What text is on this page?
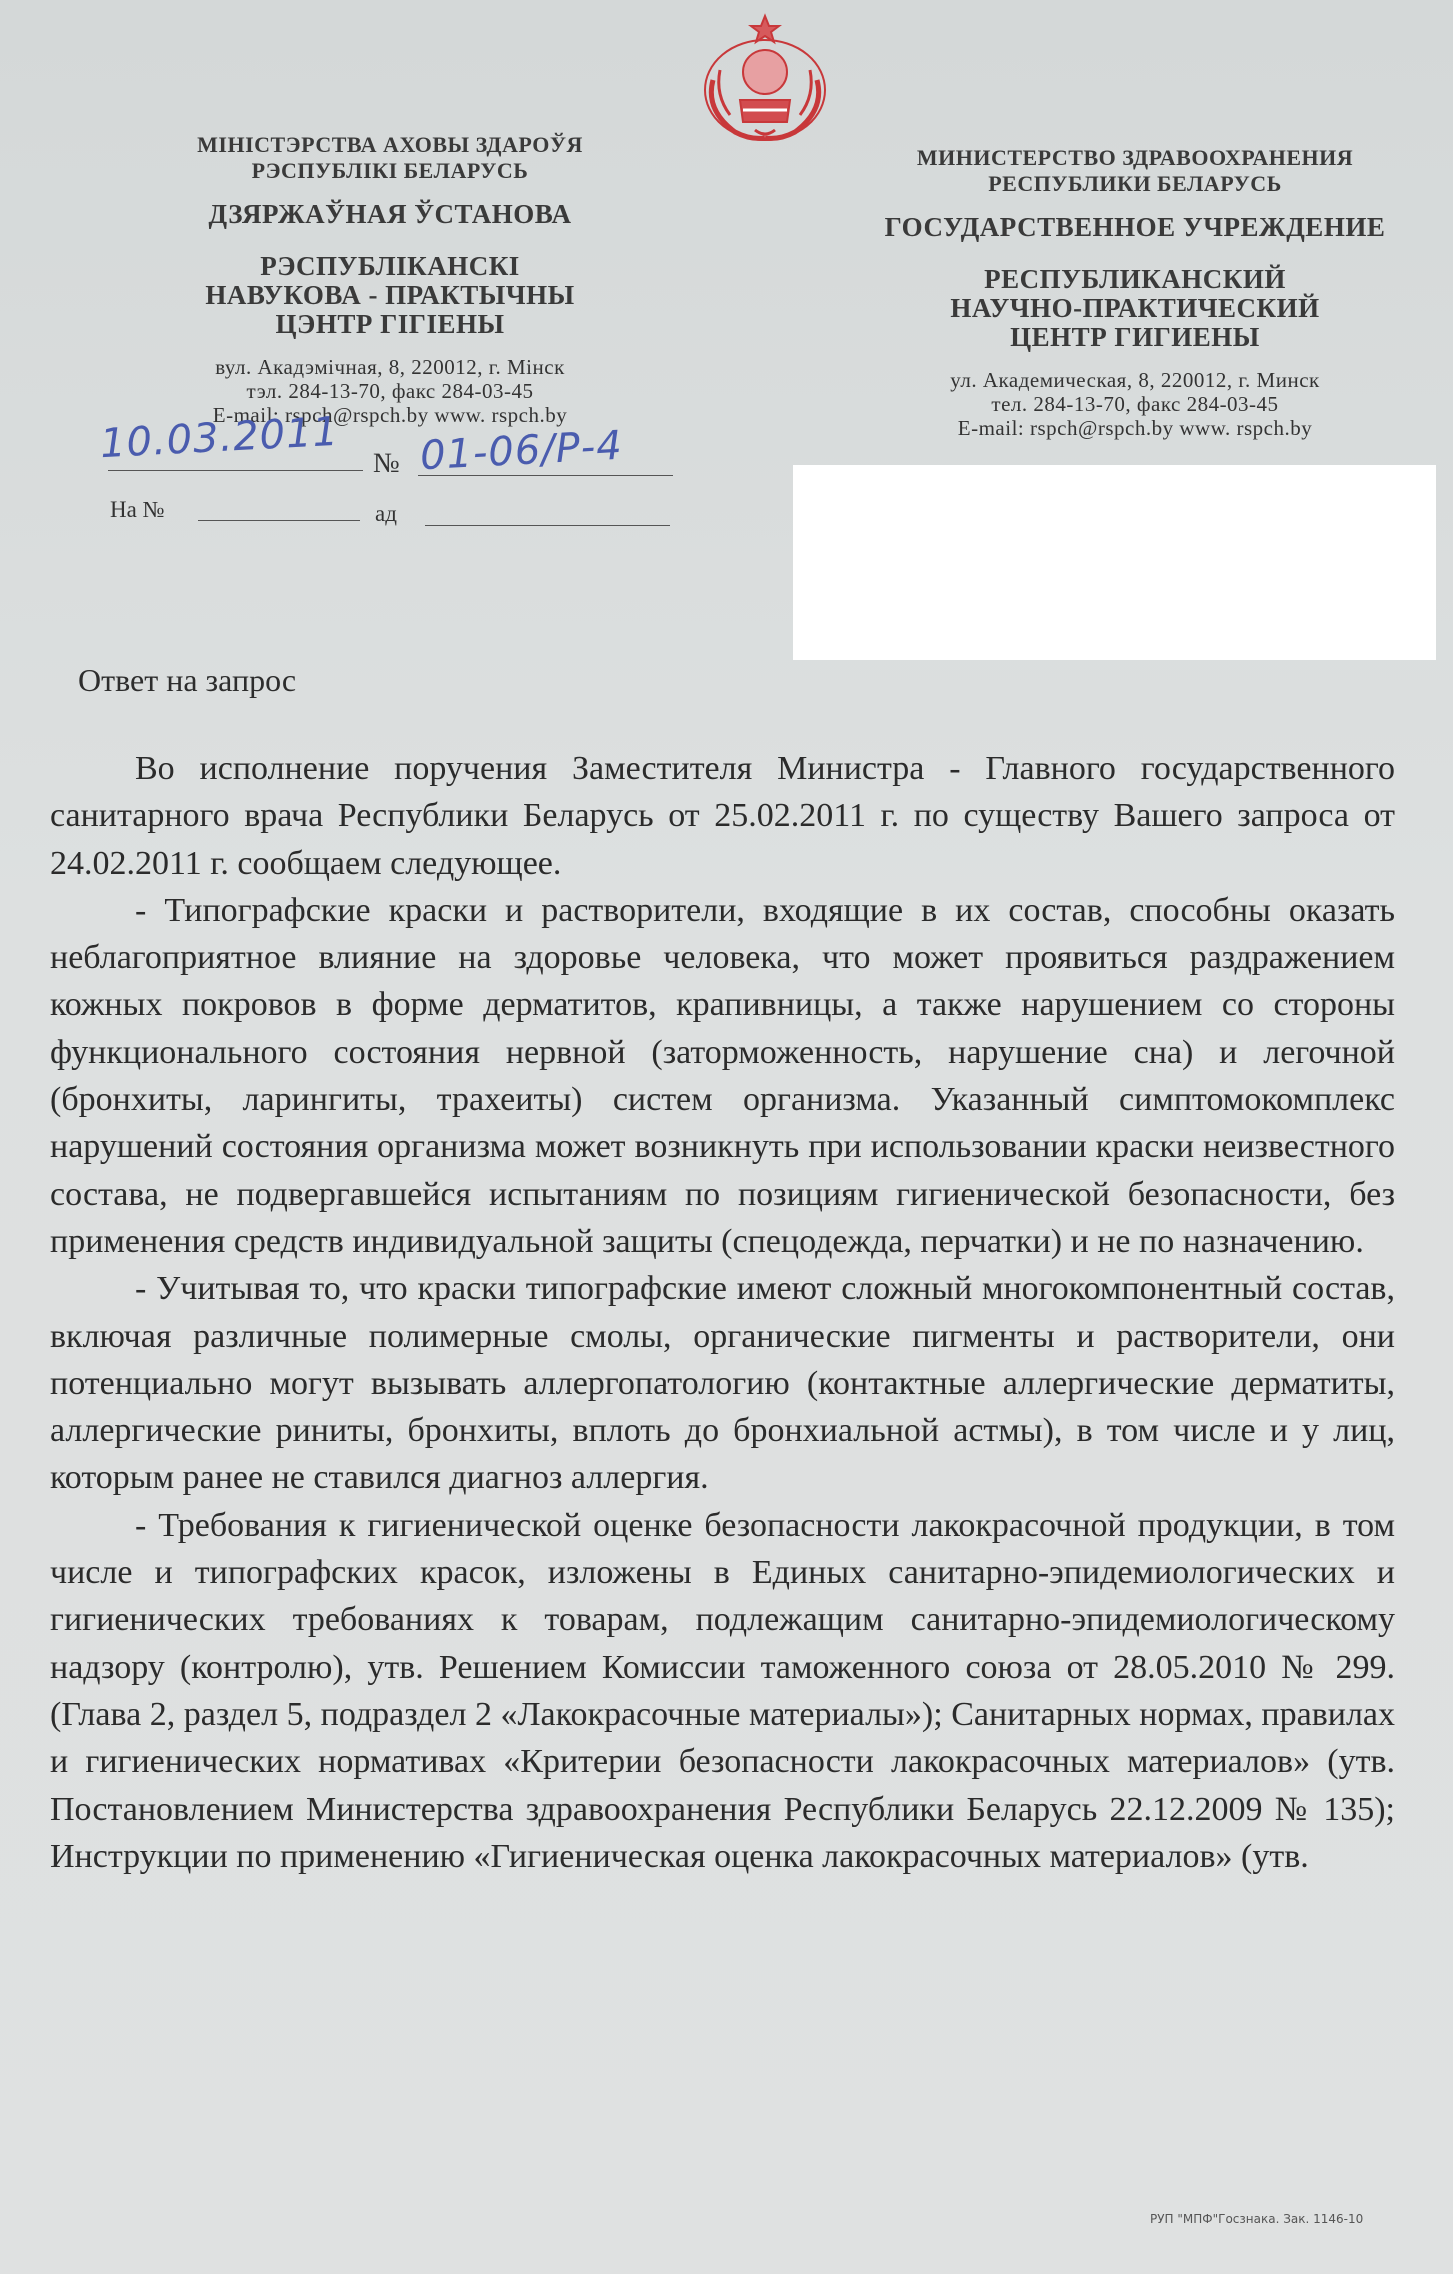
МІНІСТЭРСТВА АХОВЫ ЗДАРОЎЯ
РЭСПУБЛІКІ БЕЛАРУСЬ
ДЗЯРЖАЎНАЯ ЎСТАНОВА
РЭСПУБЛІКАНСКІ
НАВУКОВА - ПРАКТЫЧНЫ
ЦЭНТР ГІГІЕНЫ
вул. Акадэмічная, 8, 220012, г. Мінск
тэл. 284-13-70, факс 284-03-45
E-mail: rspch@rspch.by www. rspch.by
МИНИСТЕРСТВО ЗДРАВООХРАНЕНИЯ
РЕСПУБЛИКИ БЕЛАРУСЬ
ГОСУДАРСТВЕННОЕ УЧРЕЖДЕНИЕ
РЕСПУБЛИКАНСКИЙ
НАУЧНО-ПРАКТИЧЕСКИЙ
ЦЕНТР ГИГИЕНЫ
ул. Академическая, 8, 220012, г. Минск
тел. 284-13-70, факс 284-03-45
E-mail: rspch@rspch.by www. rspch.by
10.03.2011 № 01-06/Р-4
На №	ад
Ответ на запрос

Во исполнение поручения Заместителя Министра - Главного государственного санитарного врача Республики Беларусь от 25.02.2011 г. по существу Вашего запроса от 24.02.2011 г. сообщаем следующее.

- Типографские краски и растворители, входящие в их состав, способны оказать неблагоприятное влияние на здоровье человека, что может проявиться раздражением кожных покровов в форме дерматитов, крапивницы, а также нарушением со стороны функционального состояния нервной (заторможенность, нарушение сна) и легочной (бронхиты, ларингиты, трахеиты) систем организма. Указанный симптомокомплекс нарушений состояния организма может возникнуть при использовании краски неизвестного состава, не подвергавшейся испытаниям по позициям гигиенической безопасности, без применения средств индивидуальной защиты (спецодежда, перчатки) и не по назначению.

- Учитывая то, что краски типографские имеют сложный многокомпонентный состав, включая различные полимерные смолы, органические пигменты и растворители, они потенциально могут вызывать аллергопатологию (контактные аллергические дерматиты, аллергические риниты, бронхиты, вплоть до бронхиальной астмы), в том числе и у лиц, которым ранее не ставился диагноз аллергия.

- Требования к гигиенической оценке безопасности лакокрасочной продукции, в том числе и типографских красок, изложены в Единых санитарно-эпидемиологических и гигиенических требованиях к товарам, подлежащим санитарно-эпидемиологическому надзору (контролю), утв. Решением Комиссии таможенного союза от 28.05.2010 № 299. (Глава 2, раздел 5, подраздел 2 «Лакокрасочные материалы»); Санитарных нормах, правилах и гигиенических нормативах «Критерии безопасности лакокрасочных материалов» (утв. Постановлением Министерства здравоохранения Республики Беларусь 22.12.2009 № 135); Инструкции по применению «Гигиеническая оценка лакокрасочных материалов» (утв.

РУП "МПФ"Госзнака. Зак. 1146-10
